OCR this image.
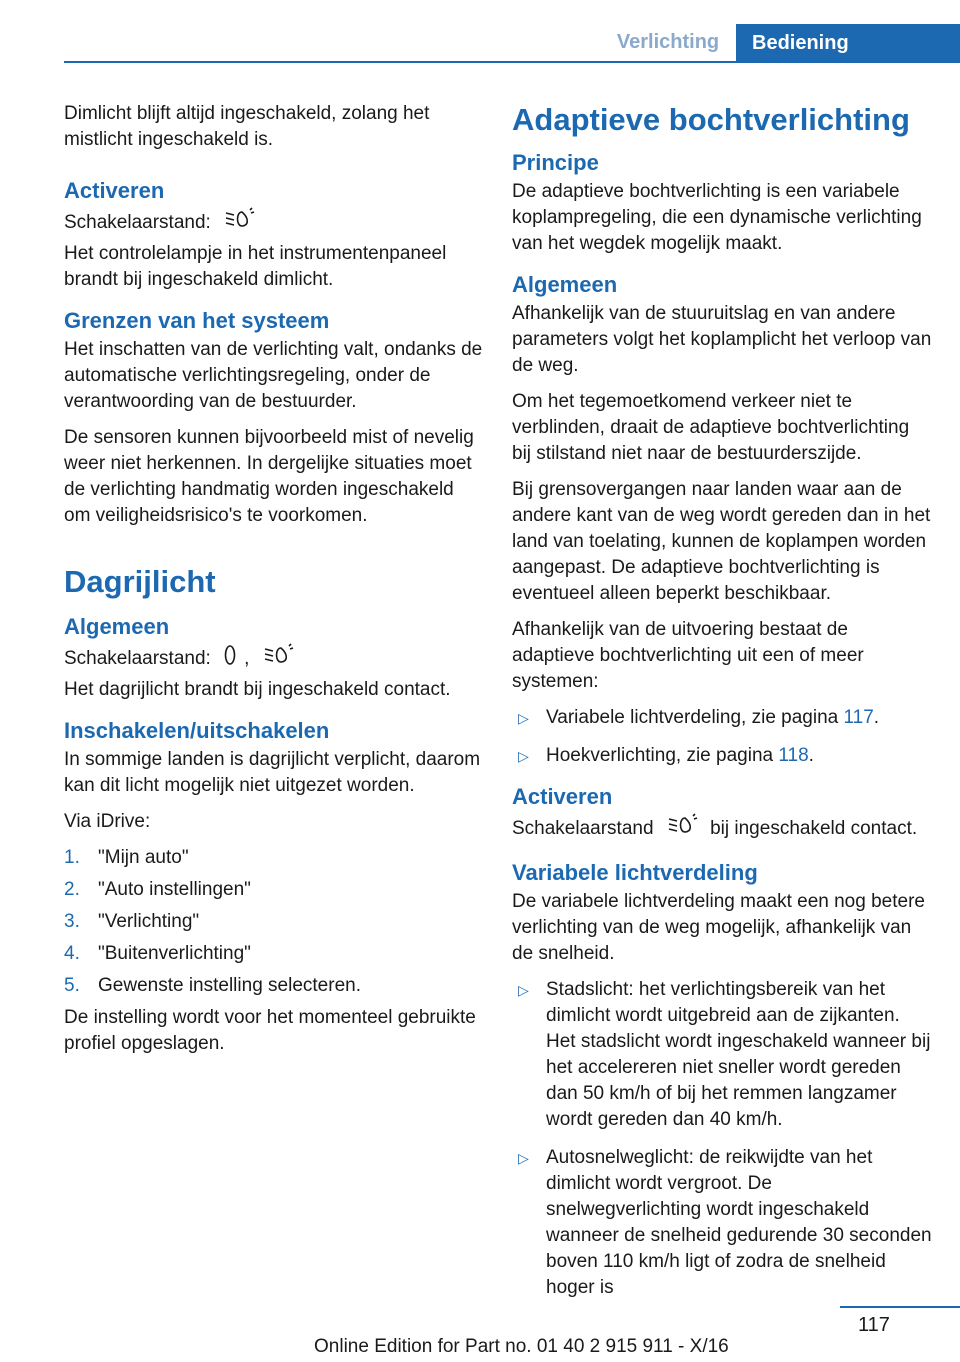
Verlichting	Bediening

Dimlicht blijft altijd ingeschakeld, zolang het mistlicht ingeschakeld is.

Activeren

Schakelaarstand:

Het controlelampje in het instrumentenpaneel brandt bij ingeschakeld dimlicht.

Grenzen van het systeem

Het inschatten van de verlichting valt, ondanks de automatische verlichtingsregeling, onder de verantwoording van de bestuurder.

De sensoren kunnen bijvoorbeeld mist of nevelig weer niet herkennen. In dergelijke situaties moet de verlichting handmatig worden ingeschakeld om veiligheidsrisico's te voorkomen.

Dagrijlicht
Algemeen

Schakelaarstand: ,

Het dagrijlicht brandt bij ingeschakeld contact.

Inschakelen/uitschakelen

In sommige landen is dagrijlicht verplicht, daarom kan dit licht mogelijk niet uitgezet worden.

Via iDrive:

1. "Mijn auto"
2. "Auto instellingen"
3. "Verlichting"
4. "Buitenverlichting"
5. Gewenste instelling selecteren.

De instelling wordt voor het momenteel gebruikte profiel opgeslagen.

Adaptieve bochtverlichting
Principe

De adaptieve bochtverlichting is een variabele koplampregeling, die een dynamische verlichting van het wegdek mogelijk maakt.

Algemeen

Afhankelijk van de stuuruitslag en van andere parameters volgt het koplamplicht het verloop van de weg.

Om het tegemoetkomend verkeer niet te verblinden, draait de adaptieve bochtverlichting bij stilstand niet naar de bestuurderszijde.

Bij grensovergangen naar landen waar aan de andere kant van de weg wordt gereden dan in het land van toelating, kunnen de koplampen worden aangepast. De adaptieve bochtverlichting is eventueel alleen beperkt beschikbaar.

Afhankelijk van de uitvoering bestaat de adaptieve bochtverlichting uit een of meer systemen:

▷ Variabele lichtverdeling, zie pagina 117.
▷ Hoekverlichting, zie pagina 118.
Activeren

Schakelaarstand	bij ingeschakeld contact.

Variabele lichtverdeling

De variabele lichtverdeling maakt een nog betere verlichting van de weg mogelijk, afhankelijk van de snelheid.

▷ Stadslicht: het verlichtingsbereik van het dimlicht wordt uitgebreid aan de zijkanten. Het stadslicht wordt ingeschakeld wanneer bij het accelereren niet sneller wordt gereden dan 50 km/h of bij het remmen langzamer wordt gereden dan 40 km/h.
▷ Autosnelweglicht: de reikwijdte van het dimlicht wordt vergroot. De snelwegverlichting wordt ingeschakeld wanneer de snelheid gedurende 30 seconden boven 110 km/h ligt of zodra de snelheid hoger is
117
Online Edition for Part no. 01 40 2 915 911 - X/16
